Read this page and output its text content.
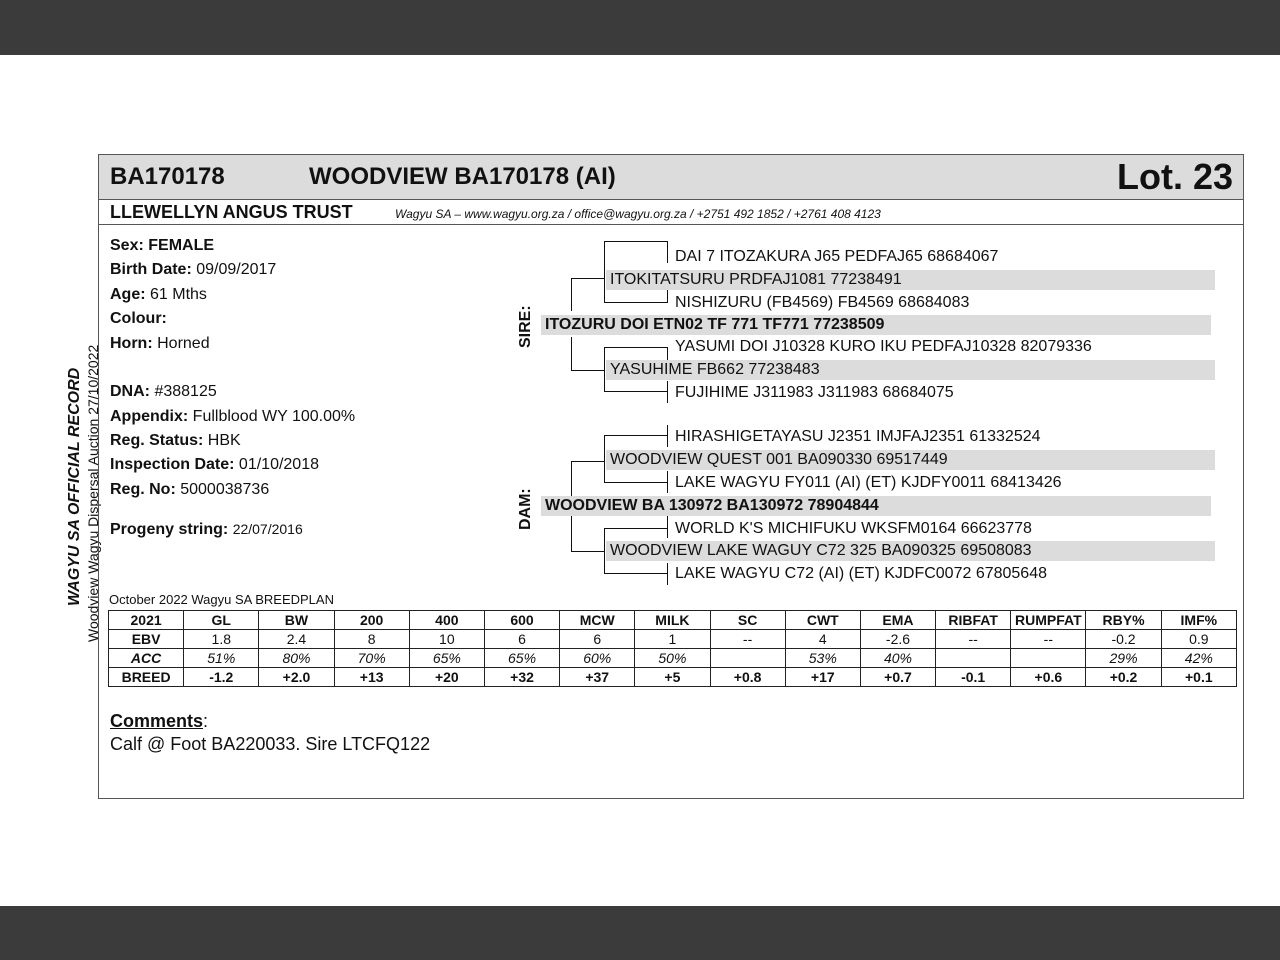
WAGYU SA OFFICIAL RECORD Woodview Wagyu Dispersal Auction 27/10/2022
BA170178	WOODVIEW BA170178 (AI)	Lot. 23
LLEWELLYN ANGUS TRUST	Wagyu SA – www.wagyu.org.za / office@wagyu.org.za / +2751 492 1852 / +2761 408 4123
Sex: FEMALE
Birth Date: 09/09/2017
Age: 61 Mths
Colour:
Horn: Horned
DNA: #388125
Appendix: Fullblood WY 100.00%
Reg. Status: HBK
Inspection Date: 01/10/2018
Reg. No: 5000038736
Progeny string: 22/07/2016
SIRE:
DAM:
DAI 7 ITOZAKURA J65 PEDFAJ65 68684067
ITOKITATSURU PRDFAJ1081 77238491
NISHIZURU (FB4569) FB4569 68684083
ITOZURU DOI ETN02 TF 771 TF771 77238509
YASUMI DOI J10328 KURO IKU PEDFAJ10328 82079336
YASUHIME FB662 77238483
FUJIHIME J311983 J311983 68684075
HIRASHIGETAYASU J2351 IMJFAJ2351 61332524
WOODVIEW QUEST 001 BA090330 69517449
LAKE WAGYU FY011 (AI) (ET) KJDFY0011 68413426
WOODVIEW BA 130972 BA130972 78904844
WORLD K'S MICHIFUKU WKSFM0164 66623778
WOODVIEW LAKE WAGUY C72 325 BA090325 69508083
LAKE WAGYU C72 (AI) (ET) KJDFC0072 67805648
October 2022 Wagyu SA BREEDPLAN
2021	GL	BW	200	400	600	MCW	MILK	SC	CWT	EMA	RIBFAT	RUMPFAT	RBY%	IMF%
EBV	1.8	2.4	8	10	6	6	1	--	4	-2.6	--	--	-0.2	0.9
ACC	51%	80%	70%	65%	65%	60%	50%		53%	40%			29%	42%
BREED	-1.2	+2.0	+13	+20	+32	+37	+5	+0.8	+17	+0.7	-0.1	+0.6	+0.2	+0.1
Comments:
Calf @ Foot BA220033. Sire LTCFQ122
